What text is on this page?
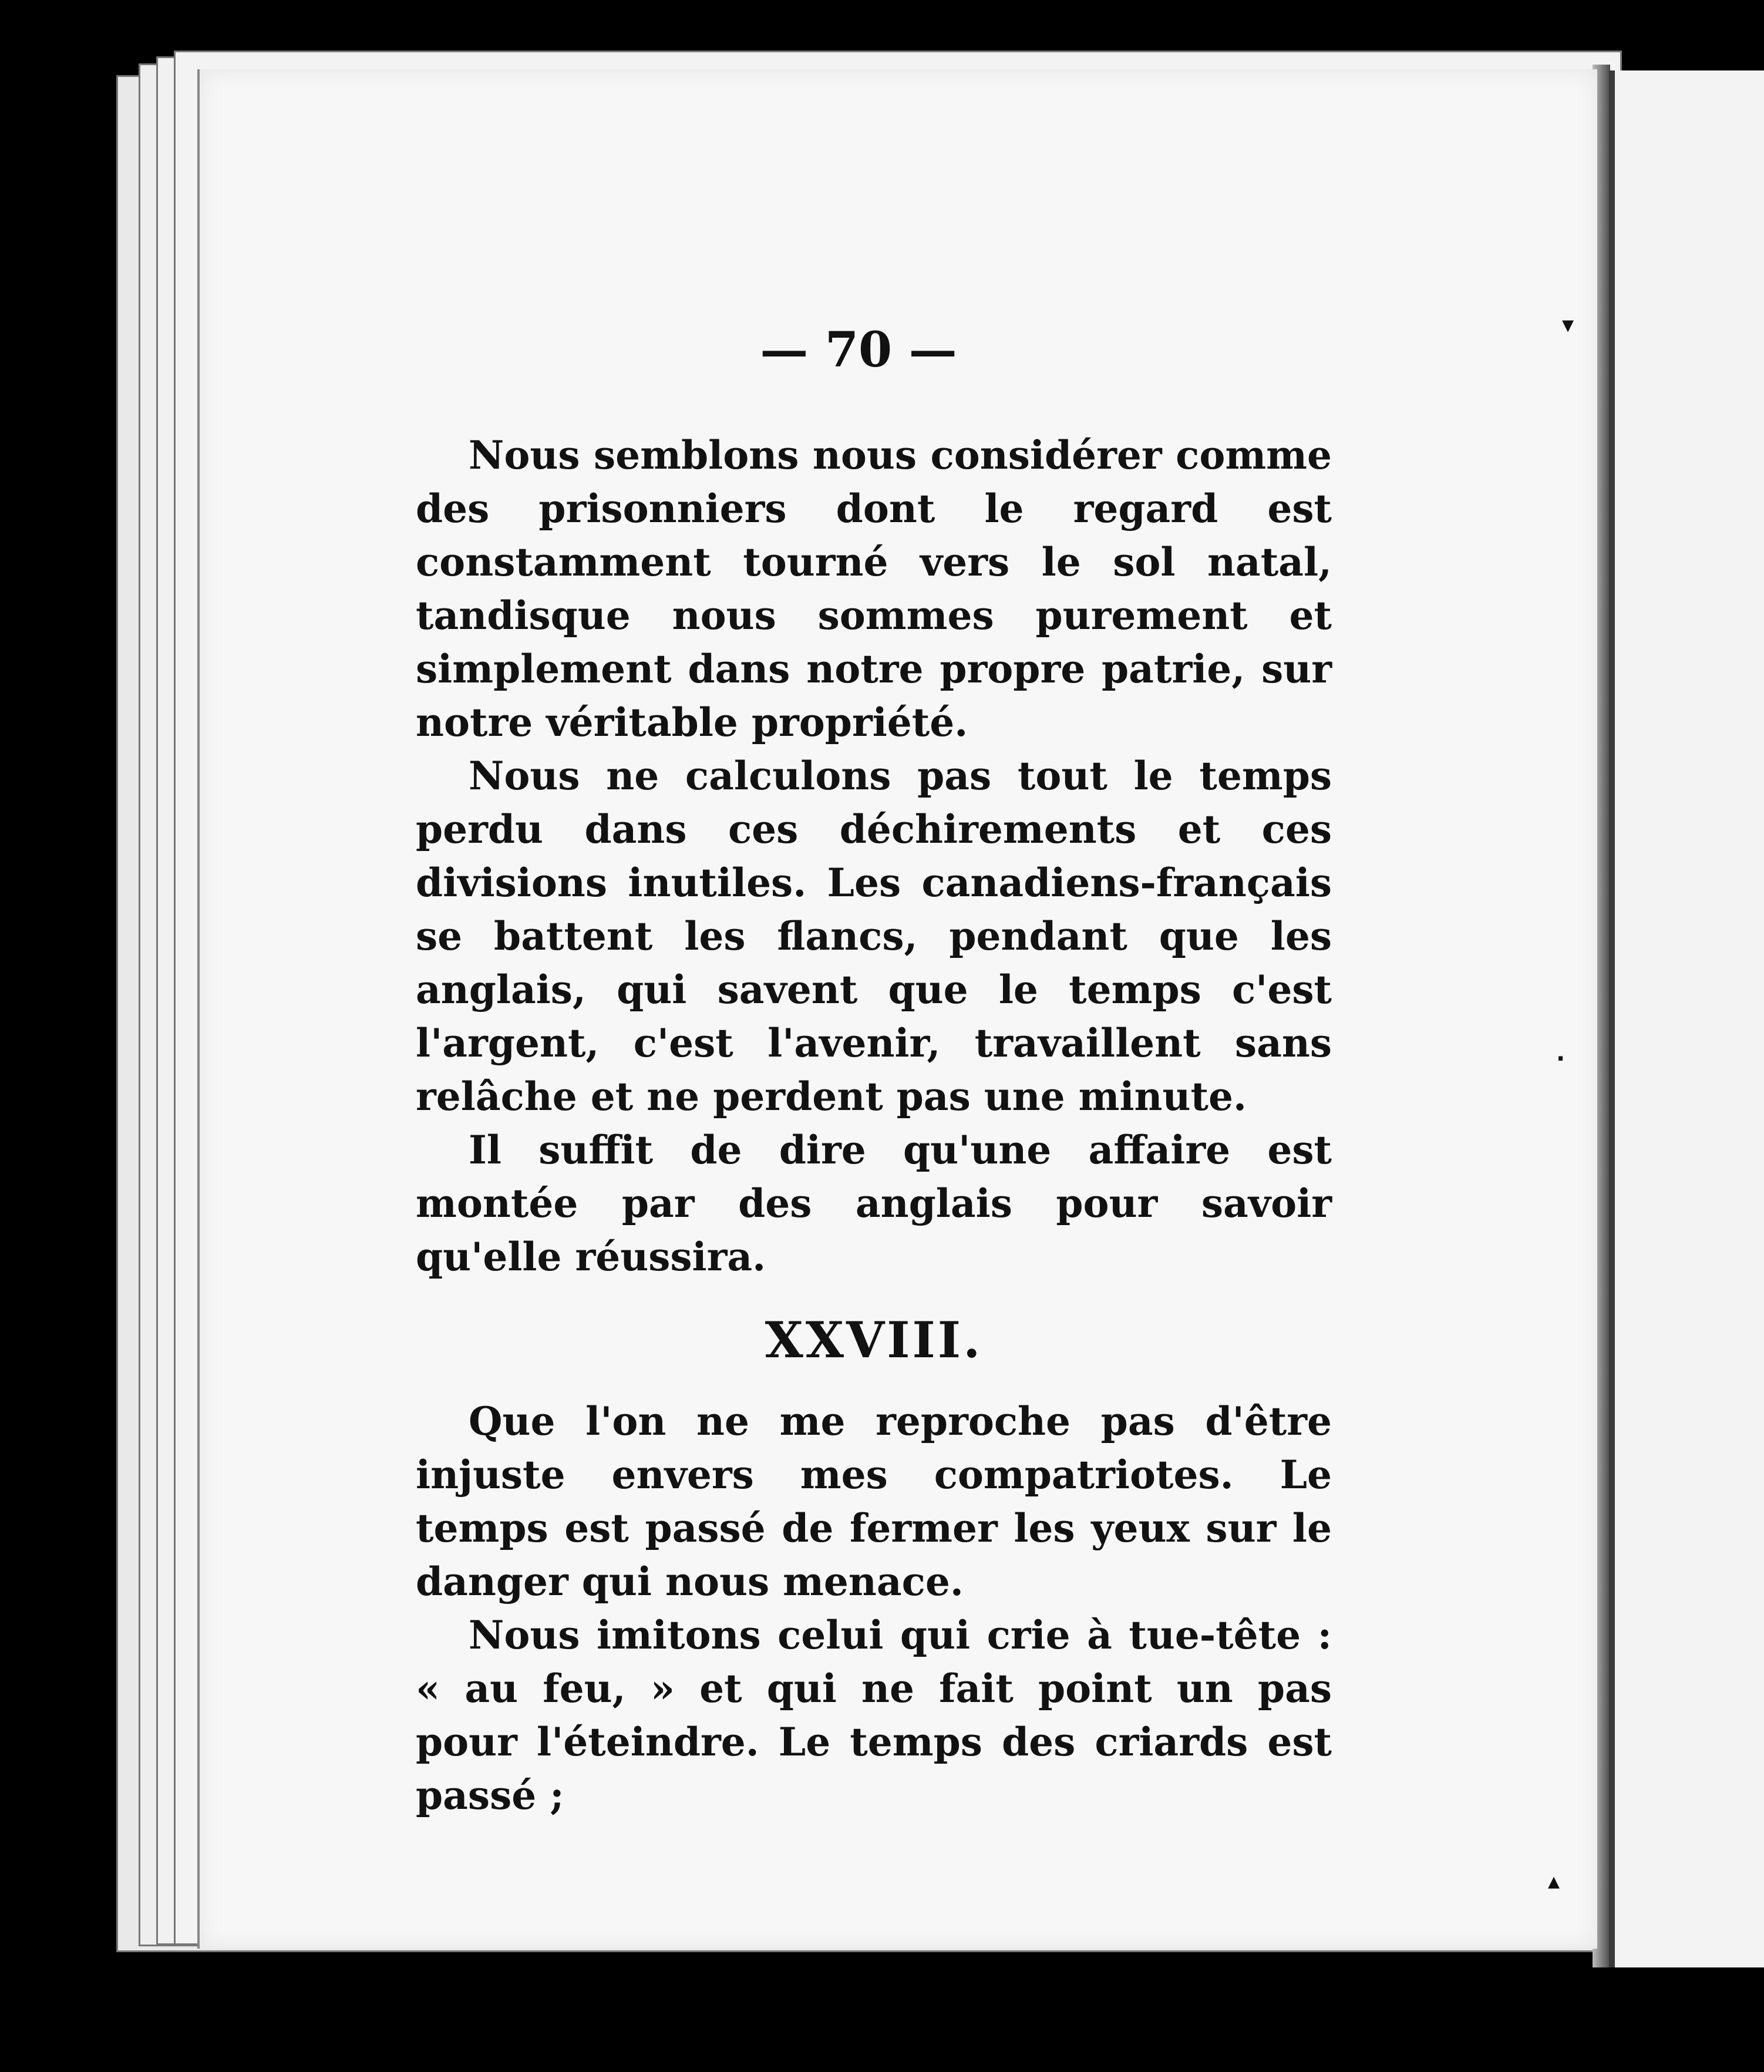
— 70 —

Nous semblons nous considérer comme des prisonniers dont le regard est constamment tourné vers le sol natal, tandisque nous sommes purement et simplement dans notre propre patrie, sur notre véritable propriété.

Nous ne calculons pas tout le temps perdu dans ces déchirements et ces divisions inutiles. Les canadiens-français se battent les flancs, pendant que les anglais, qui savent que le temps c'est l'argent, c'est l'avenir, travaillent sans relâche et ne perdent pas une minute.

Il suffit de dire qu'une affaire est montée par des anglais pour savoir qu'elle réussira.

XXVIII.

Que l'on ne me reproche pas d'être injuste envers mes compatriotes. Le temps est passé de fermer les yeux sur le danger qui nous menace.

Nous imitons celui qui crie à tue-tête : « au feu, » et qui ne fait point un pas pour l'éteindre. Le temps des criards est passé ;

▾
·
▴
